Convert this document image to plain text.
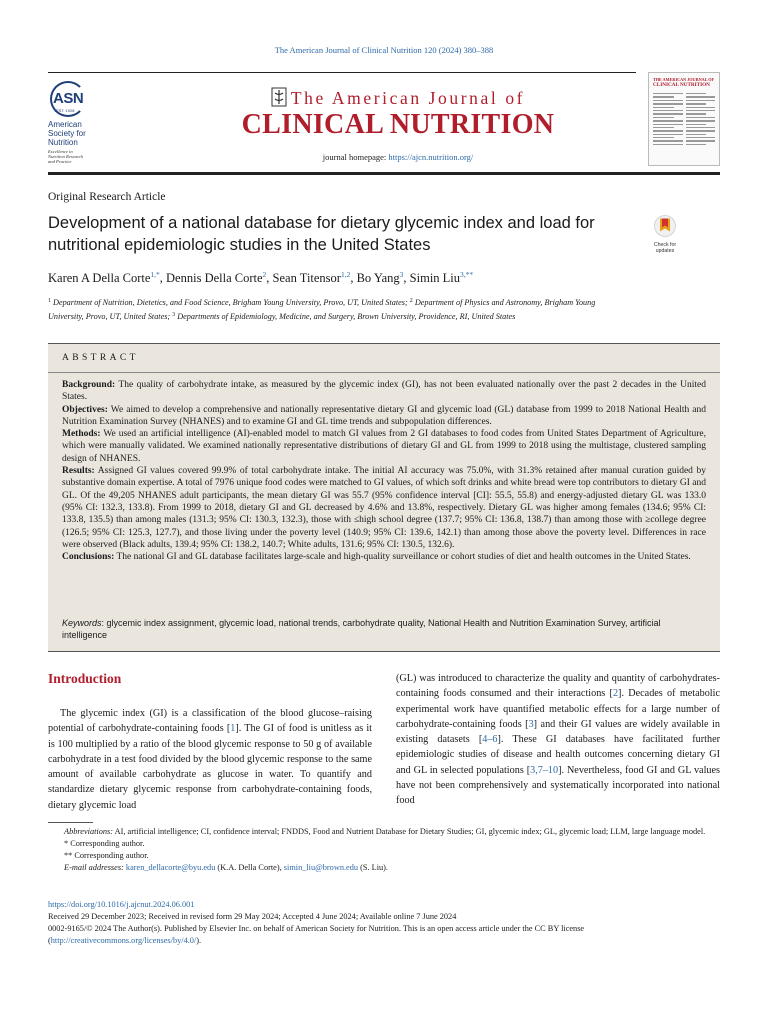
The American Journal of Clinical Nutrition 120 (2024) 380–388
ASN
EST. 1928
American
Society for
Nutrition
Excellence in
Nutrition Research
and Practice
The American Journal of
CLINICAL NUTRITION
journal homepage: https://ajcn.nutrition.org/
THE AMERICAN JOURNAL OF
CLINICAL NUTRITION
Original Research Article
Development of a national database for dietary glycemic index and load for nutritional epidemiologic studies in the United States	Check for
updates
Karen A Della Corte$^{1,*}$, Dennis Della Corte$^2$, Sean Titensor$^{1,2}$, Bo Yang$^3$, Simin Liu$^{3,**}$
$^1$ Department of Nutrition, Dietetics, and Food Science, Brigham Young University, Provo, UT, United States; $^2$ Department of Physics and Astronomy, Brigham Young University, Provo, UT, United States; $^3$ Departments of Epidemiology, Medicine, and Surgery, Brown University, Providence, RI, United States
ABSTRACT

Background: The quality of carbohydrate intake, as measured by the glycemic index (GI), has not been evaluated nationally over the past 2 decades in the United States.

Objectives: We aimed to develop a comprehensive and nationally representative dietary GI and glycemic load (GL) database from 1999 to 2018 National Health and Nutrition Examination Survey (NHANES) and to examine GI and GL time trends and subpopulation differences.

Methods: We used an artificial intelligence (AI)-enabled model to match GI values from 2 GI databases to food codes from United States Department of Agriculture, which were manually validated. We examined nationally representative distributions of dietary GI and GL from 1999 to 2018 using the multistage, clustered sampling design of NHANES.

Results: Assigned GI values covered 99.9% of total carbohydrate intake. The initial AI accuracy was 75.0%, with 31.3% retained after manual curation guided by substantive domain expertise. A total of 7976 unique food codes were matched to GI values, of which soft drinks and white bread were top contributors to dietary GI and GL. Of the 49,205 NHANES adult participants, the mean dietary GI was 55.7 (95% confidence interval [CI]: 55.5, 55.8) and energy-adjusted dietary GL was 133.0 (95% CI: 132.3, 133.8). From 1999 to 2018, dietary GI and GL decreased by 4.6% and 13.8%, respectively. Dietary GL was higher among females (134.6; 95% CI: 133.8, 135.5) than among males (131.3; 95% CI: 130.3, 132.3), those with ≤high school degree (137.7; 95% CI: 136.8, 138.7) than among those with ≥college degree (126.5; 95% CI: 125.3, 127.7), and those living under the poverty level (140.9; 95% CI: 139.6, 142.1) than among those above the poverty level. Differences in race were observed (Black adults, 139.4; 95% CI: 138.2, 140.7; White adults, 131.6; 95% CI: 130.5, 132.6).

Conclusions: The national GI and GL database facilitates large-scale and high-quality surveillance or cohort studies of diet and health outcomes in the United States.

Keywords: glycemic index assignment, glycemic load, national trends, carbohydrate quality, National Health and Nutrition Examination Survey, artificial intelligence
Introduction
The glycemic index (GI) is a classification of the blood glucose–raising potential of carbohydrate-containing foods [1]. The GI of food is unitless as it is 100 multiplied by a ratio of the blood glycemic response to 50 g of available carbohydrate in a test food divided by the blood glycemic response to the same amount of available carbohydrate as glucose in water. To quantify and standardize dietary glycemic response from carbohydrate-containing foods, dietary glycemic load
(GL) was introduced to characterize the quality and quantity of carbohydrates-containing foods consumed and their interactions [2]. Decades of metabolic experimental work have quantified metabolic effects for a large number of carbohydrate-containing foods [3] and their GI values are widely available in existing datasets [4–6]. These GI databases have facilitated further epidemiologic studies of disease and health outcomes concerning dietary GI and GL in selected populations [3,7–10]. Nevertheless, food GI and GL values have not been comprehensively and systematically incorporated into national food
Abbreviations: AI, artificial intelligence; CI, confidence interval; FNDDS, Food and Nutrient Database for Dietary Studies; GI, glycemic index; GL, glycemic load; LLM, large language model.
* Corresponding author.
** Corresponding author.
E-mail addresses: karen_dellacorte@byu.edu (K.A. Della Corte), simin_liu@brown.edu (S. Liu).
https://doi.org/10.1016/j.ajcnut.2024.06.001
Received 29 December 2023; Received in revised form 29 May 2024; Accepted 4 June 2024; Available online 7 June 2024
0002-9165/© 2024 The Author(s). Published by Elsevier Inc. on behalf of American Society for Nutrition. This is an open access article under the CC BY license (http://creativecommons.org/licenses/by/4.0/).
